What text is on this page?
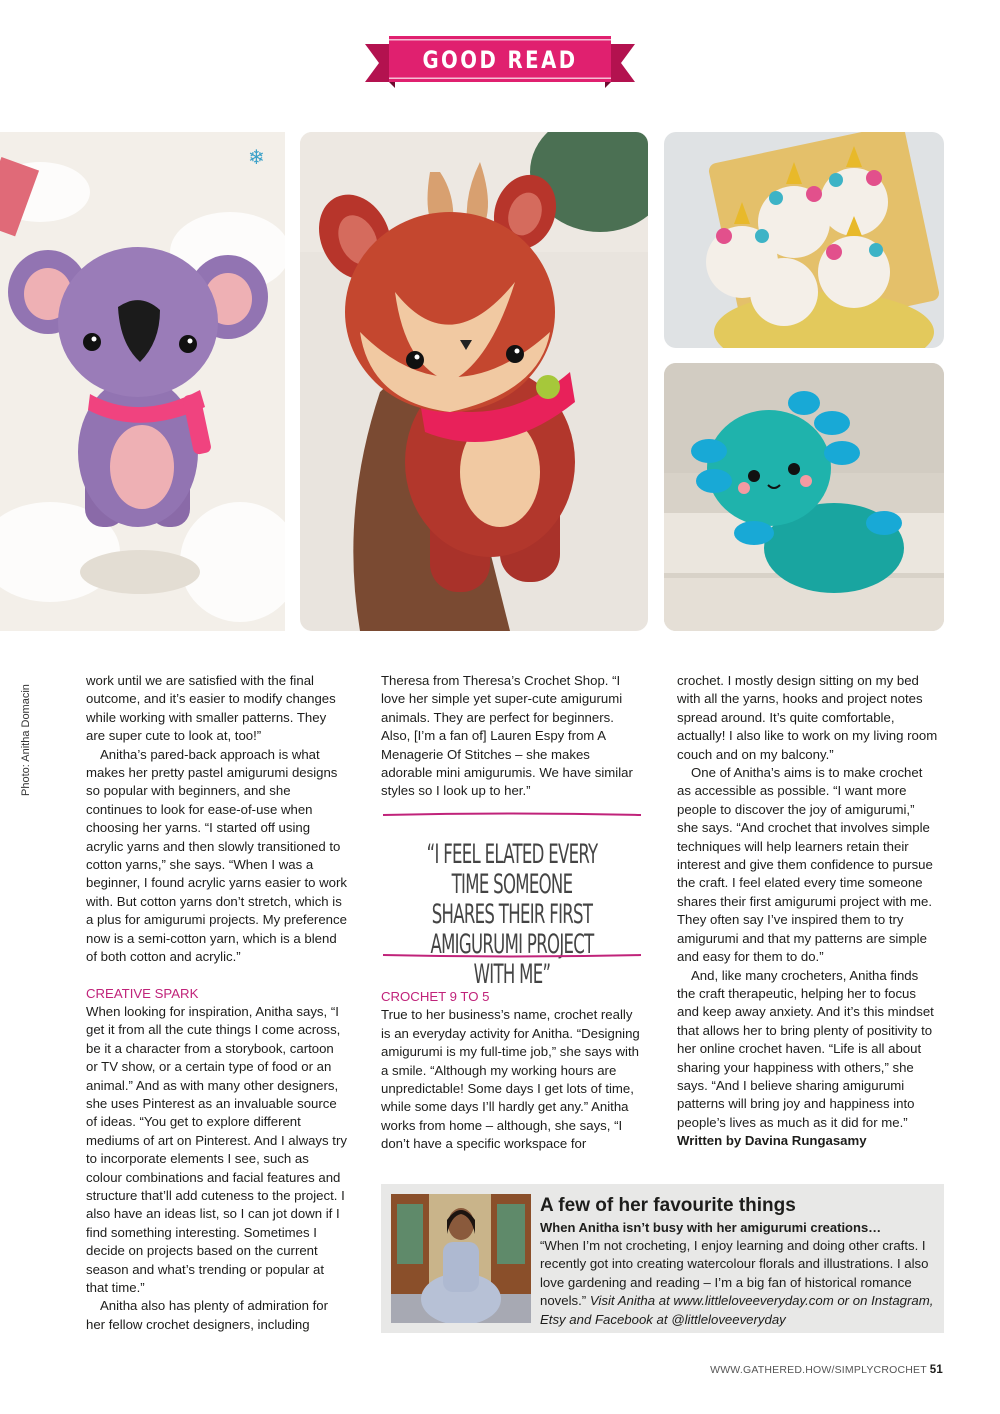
GOOD READ
❄
Photo: Anitha Domacin

work until we are satisfied with the final outcome, and it’s easier to modify changes while working with smaller patterns. They are super cute to look at, too!”

Anitha’s pared-back approach is what makes her pretty pastel amigurumi designs so popular with beginners, and she continues to look for ease-of-use when choosing her yarns. “I started off using acrylic yarns and then slowly transitioned to cotton yarns,” she says. “When I was a beginner, I found acrylic yarns easier to work with. But cotton yarns don’t stretch, which is a plus for amigurumi projects. My preference now is a semi-cotton yarn, which is a blend of both cotton and acrylic.”

CREATIVE SPARK

When looking for inspiration, Anitha says, “I get it from all the cute things I come across, be it a character from a storybook, cartoon or TV show, or a certain type of food or an animal.” And as with many other designers, she uses Pinterest as an invaluable source of ideas. “You get to explore different mediums of art on Pinterest. And I always try to incorporate elements I see, such as colour combinations and facial features and structure that’ll add cuteness to the project. I also have an ideas list, so I can jot down if I find something interesting. Sometimes I decide on projects based on the current season and what’s trending or popular at that time.”

Anitha also has plenty of admiration for her fellow crochet designers, including

Theresa from Theresa’s Crochet Shop. “I love her simple yet super-cute amigurumi animals. They are perfect for beginners. Also, [I’m a fan of] Lauren Espy from A Menagerie Of Stitches – she makes adorable mini amigurumis. We have similar styles so I look up to her.”

“I FEEL ELATED EVERY TIME SOMEONE SHARES THEIR FIRST AMIGURUMI PROJECT WITH ME”

CROCHET 9 TO 5

True to her business’s name, crochet really is an everyday activity for Anitha. “Designing amigurumi is my full-time job,” she says with a smile. “Although my working hours are unpredictable! Some days I get lots of time, while some days I’ll hardly get any.” Anitha works from home – although, she says, “I don’t have a specific workspace for

crochet. I mostly design sitting on my bed with all the yarns, hooks and project notes spread around. It’s quite comfortable, actually! I also like to work on my living room couch and on my balcony.”

One of Anitha’s aims is to make crochet as accessible as possible. “I want more people to discover the joy of amigurumi,” she says. “And crochet that involves simple techniques will help learners retain their interest and give them confidence to pursue the craft. I feel elated every time someone shares their first amigurumi project with me. They often say I’ve inspired them to try amigurumi and that my patterns are simple and easy for them to do.”

And, like many crocheters, Anitha finds the craft therapeutic, helping her to focus and keep away anxiety. And it’s this mindset that allows her to bring plenty of positivity to her online crochet haven. “Life is all about sharing your happiness with others,” she says. “And I believe sharing amigurumi patterns will bring joy and happiness into people’s lives as much as it did for me.”

Written by Davina Rungasamy

A few of her favourite things
When Anitha isn’t busy with her amigurumi creations…
“When I’m not crocheting, I enjoy learning and doing other crafts. I recently got into creating watercolour florals and illustrations. I also love gardening and reading – I’m a big fan of historical romance novels.” Visit Anitha at www.littleloveeveryday.com or on Instagram, Etsy and Facebook at @littleloveeveryday
WWW.GATHERED.HOW/SIMPLYCROCHET 51
